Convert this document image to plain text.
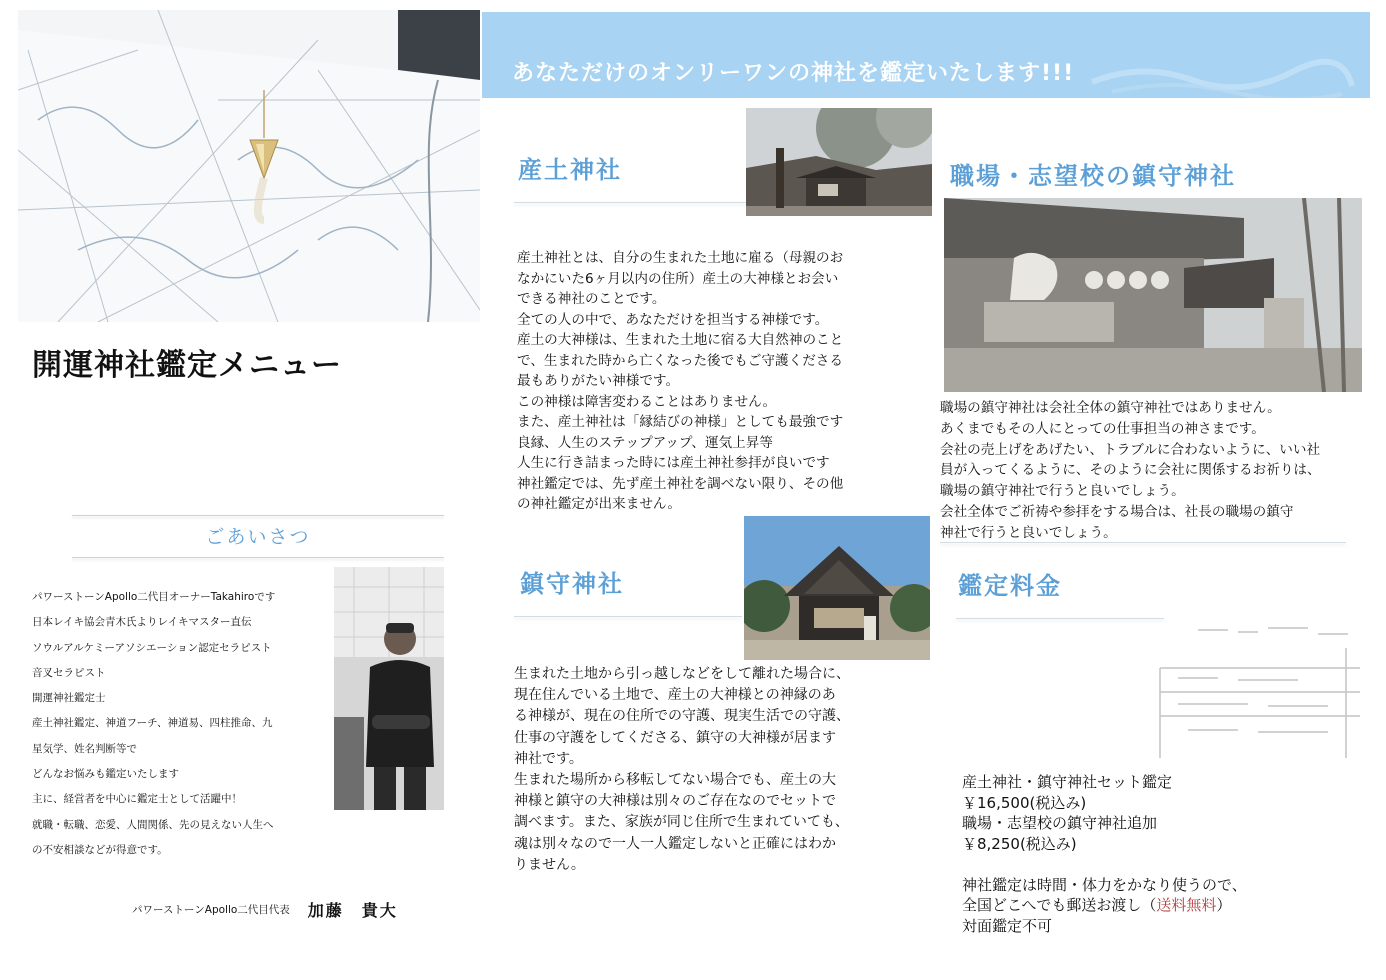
あなただけのオンリーワンの神社を鑑定いたします!!!
開運神社鑑定メニュー
ごあいさつ
パワーストーンApollo二代目オーナーTakahiroです
日本レイキ協会青木氏よりレイキマスター直伝
ソウルアルケミーアソシエーション認定セラピスト
音叉セラピスト
開運神社鑑定士
産土神社鑑定、神道フーチ、神道易、四柱推命、九
星気学、姓名判断等で
どんなお悩みも鑑定いたします
主に、経営者を中心に鑑定士として活躍中！
就職・転職、恋愛、人間関係、先の見えない人生へ
の不安相談などが得意です。
パワーストーンApollo二代目代表 加藤　貴大
産土神社
産土神社とは、自分の生まれた土地に雇る（母親のお
なかにいた6ヶ月以内の住所）産土の大神様とお会い
できる神社のことです。
全ての人の中で、あなただけを担当する神様です。
産土の大神様は、生まれた土地に宿る大自然神のこと
で、生まれた時から亡くなった後でもご守護くださる
最もありがたい神様です。
この神様は障害変わることはありません。
また、産土神社は「縁結びの神様」としても最強です
良縁、人生のステップアップ、運気上昇等
人生に行き詰まった時には産土神社参拝が良いです
神社鑑定では、先ず産土神社を調べない限り、その他
の神社鑑定が出来ません。
鎮守神社
生まれた土地から引っ越しなどをして離れた場合に、
現在住んでいる土地で、産土の大神様との神縁のあ
る神様が、現在の住所での守護、現実生活での守護、
仕事の守護をしてくださる、鎮守の大神様が居ます
神社です。
生まれた場所から移転してない場合でも、産土の大
神様と鎮守の大神様は別々のご存在なのでセットで
調べます。また、家族が同じ住所で生まれていても、
魂は別々なので一人一人鑑定しないと正確にはわか
りません。
職場・志望校の鎮守神社
職場の鎮守神社は会社全体の鎮守神社ではありません。
あくまでもその人にとっての仕事担当の神さまです。
会社の売上げをあげたい、トラブルに合わないように、いい社
員が入ってくるように、そのように会社に関係するお祈りは、
職場の鎮守神社で行うと良いでしょう。
会社全体でご祈祷や参拝をする場合は、社長の職場の鎮守
神社で行うと良いでしょう。
鑑定料金
産土神社・鎮守神社セット鑑定
￥16,500(税込み)
職場・志望校の鎮守神社追加
￥8,250(税込み)
神社鑑定は時間・体力をかなり使うので、
全国どこへでも郵送お渡し（送料無料）
対面鑑定不可
